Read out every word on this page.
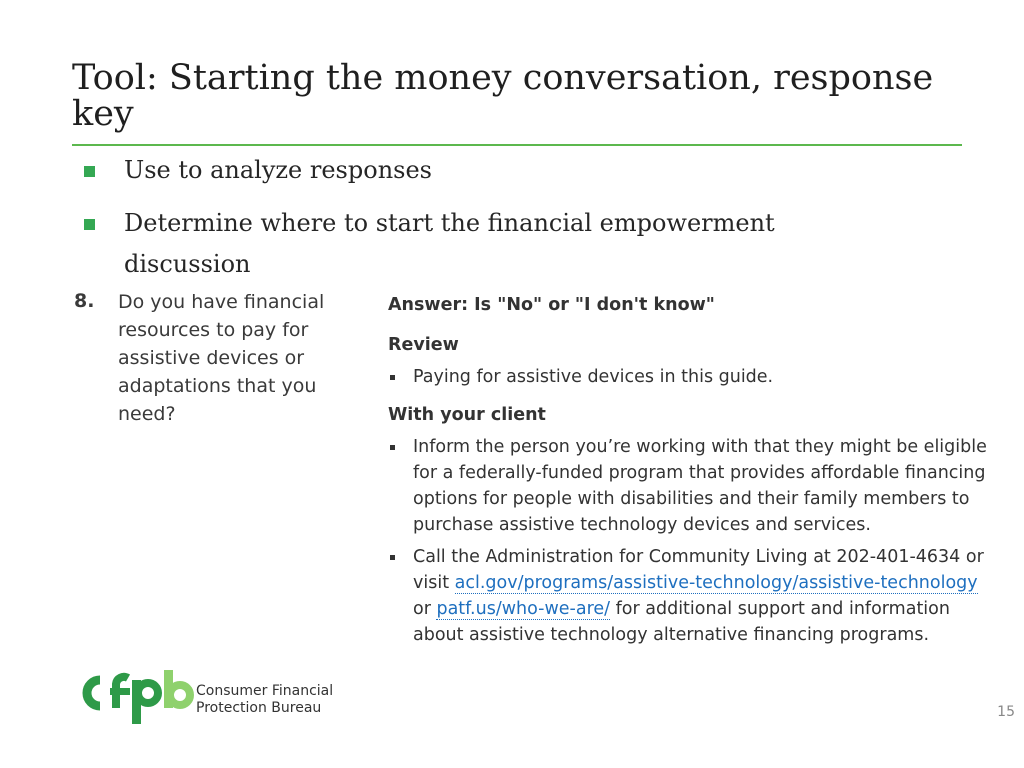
Tool: Starting the money conversation, response key
Use to analyze responses
Determine where to start the financial empowerment discussion
8. Do you have financial resources to pay for assistive devices or adaptations that you need?
Answer: Is "No" or "I don't know"
Review
Paying for assistive devices in this guide.
With your client
Inform the person you’re working with that they might be eligible for a federally-funded program that provides affordable financing options for people with disabilities and their family members to purchase assistive technology devices and services.
Call the Administration for Community Living at 202-401-4634 or visit acl.gov/programs/assistive-technology/assistive-technology or patf.us/who-we-are/ for additional support and information about assistive technology alternative financing programs.
Consumer Financial
Protection Bureau	15
